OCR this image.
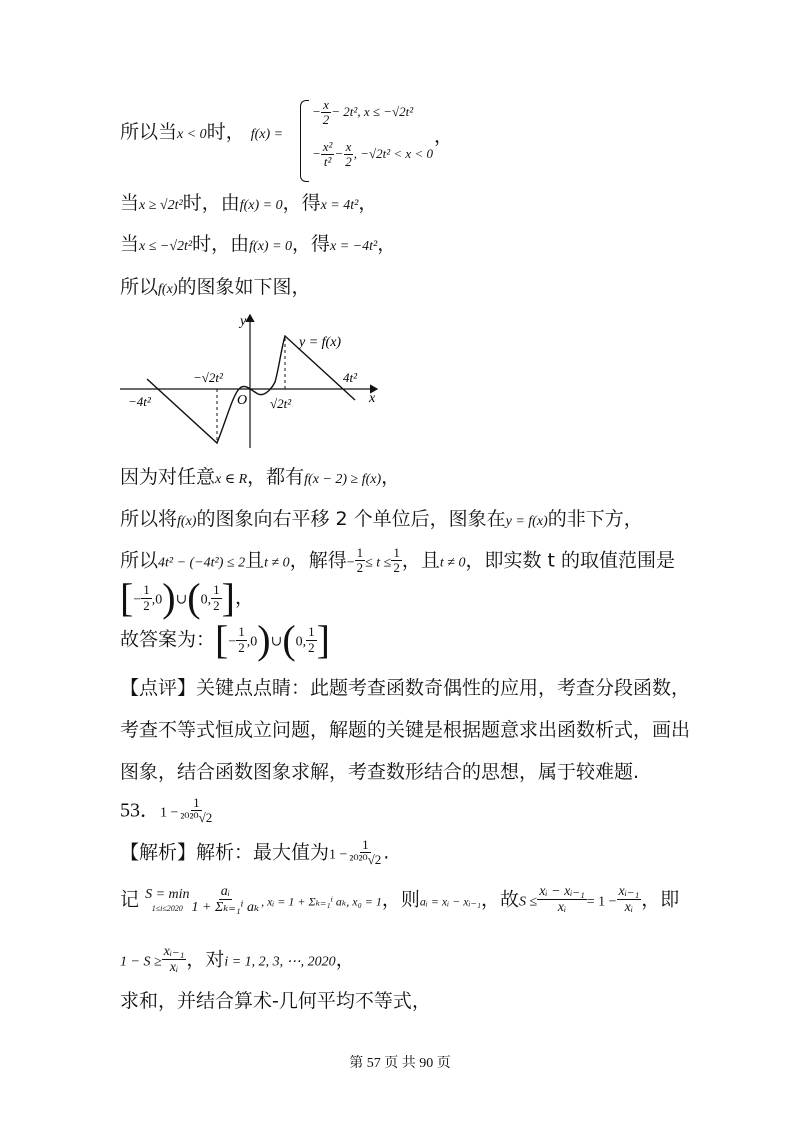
所以当x < 0时， f(x) =
− $\frac{x}{2} - 2t^2$, x ≤ −√2t²
− $\frac{\text{x²}}{\text{t²}} - \frac{x}{2}$ , −√2t² < x < 0
，
当x ≥ √2t²时，由f(x) = 0，得x = 4t²，
当x ≤ −√2t²时，由f(x) = 0，得x = −4t²，
所以f(x)的图象如下图，
y
x
y = f(x)
−√2t²
O √2t²
4t²
−4t²
因为对任意x ∈ R，都有f(x − 2) ≥ f(x)，
所以将f(x)的图象向右平移 2 个单位后，图象在y = f(x)的非下方，
所以4t² − (−4t²) ≤ 2且t ≠ 0，解得− $\frac{1}{2} \le t \le \frac{1}{2}$ ，且t ≠ 0，即实数 t 的取值范围是
[− $\frac{1}{2}$ ,0)∪(0, $\frac{1}{2}$ ]，
故答案为：[− $\frac{1}{2}$ ,0)∪(0, $\frac{1}{2}$ ]
【点评】关键点点睛：此题考查函数奇偶性的应用，考查分段函数，
考查不等式恒成立问题，解题的关键是根据题意求出函数析式，画出
图象，结合函数图象求解，考查数形结合的思想，属于较难题.
53．$1 - \frac{1}{\text{²⁰²⁰√2}}$
【解析】解析：最大值为$1 - \frac{1}{\text{²⁰²⁰√2}}$ .
记 S = min
$1\le i\le 2020 \frac{\text{aᵢ}}{\text{1 + Σₖ₌₁ⁱ aₖ}}$ , xᵢ = 1 + Σₖ₌₁ⁱ aₖ, x₀ = 1，则aᵢ = xᵢ − xᵢ₋₁，故$S \le \frac{\text{xᵢ − xᵢ₋₁}}{\text{xᵢ}} = 1 - \frac{\text{xᵢ₋₁}}{\text{xᵢ}}$ ，即
$1 - S \ge \frac{\text{xᵢ₋₁}}{\text{xᵢ}}$ ，对i = 1, 2, 3, ⋯, 2020，
求和，并结合算术-几何平均不等式，
第 57 页 共 90 页
